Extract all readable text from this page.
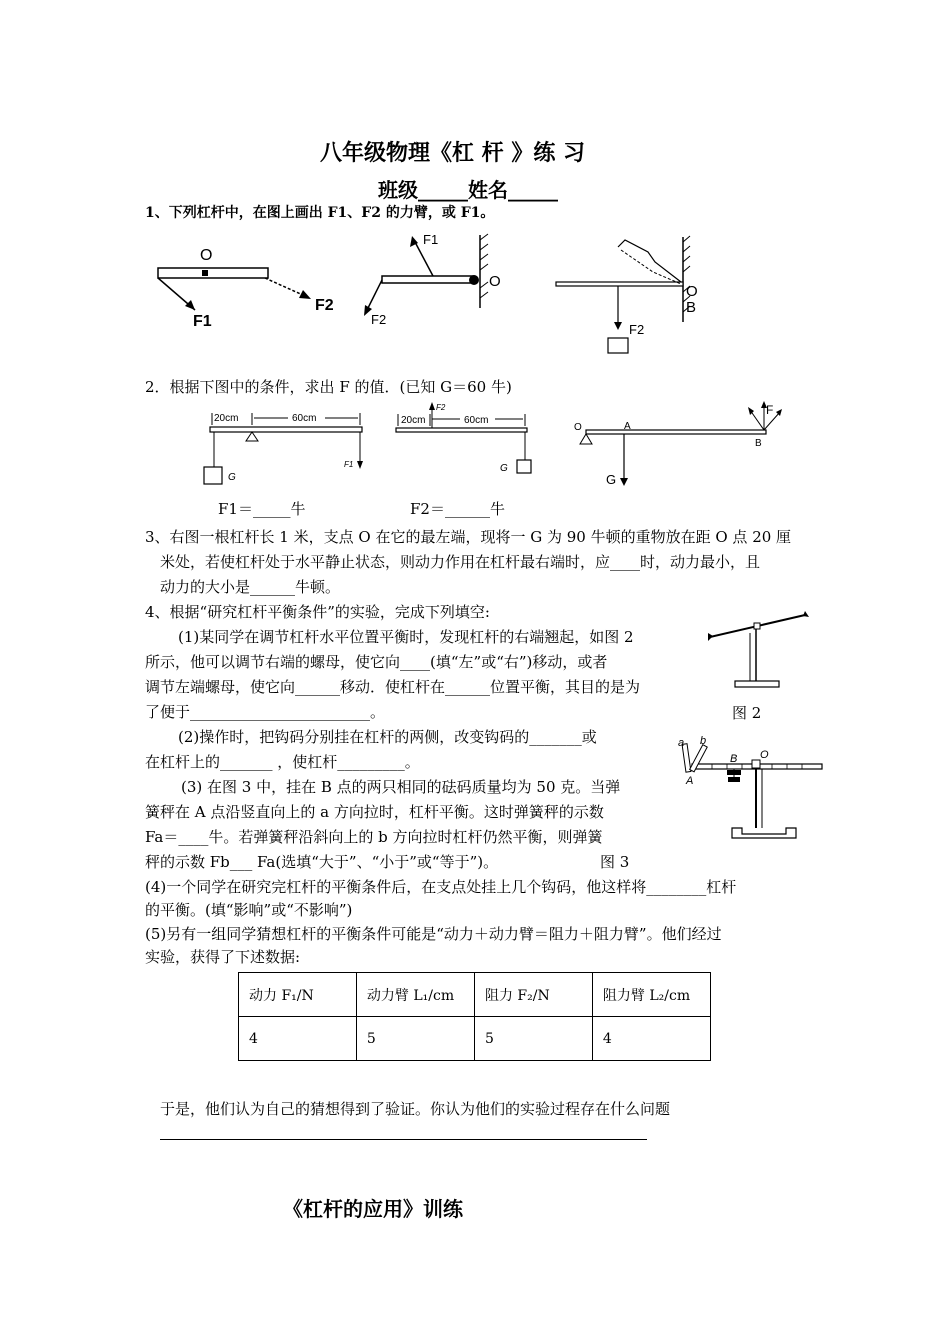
八年级物理《杠 杆 》练 习
班级_____姓名_____
1、下列杠杆中，在图上画出 F1、F2 的力臂，或 F1。
O
F1
F2
F1
F2
O
O
B
F2
2．根据下图中的条件，求出 F 的值．(已知 G＝60 牛)
20cm	60cm
G
F1
20cm	60cm
F2
G
O	A
G
B
F
F1＝_____牛	F2＝______牛
3、右图一根杠杆长 1 米，支点 O 在它的最左端，现将一 G 为 90 牛顿的重物放在距 O 点 20 厘
米处，若使杠杆处于水平静止状态，则动力作用在杠杆最右端时，应____时，动力最小，且
动力的大小是______牛顿。
4、根据“研究杠杆平衡条件”的实验，完成下列填空:
(1)某同学在调节杠杆水平位置平衡时，发现杠杆的右端翘起，如图 2
所示，他可以调节右端的螺母，使它向____(填“左”或“右”)移动，或者
调节左端螺母，使它向______移动．使杠杆在______位置平衡，其目的是为
了便于________________________。	图 2
(2)操作时，把钩码分别挂在杠杆的两侧，改变钩码的_______或
在杠杆上的_______ ，使杠杆_________。
(3) 在图 3 中，挂在 B 点的两只相同的砝码质量均为 50 克。当弹
簧秤在 A 点沿竖直向上的 a 方向拉时，杠杆平衡。这时弹簧秤的示数
Fa＝____牛。若弹簧秤沿斜向上的 b 方向拉时杠杆仍然平衡，则弹簧
秤的示数 Fb___ Fa(选填“大于”、“小于”或“等于”)。	图 3
a b
A
B O
(4)一个同学在研究完杠杆的平衡条件后，在支点处挂上几个钩码，他这样将________杠杆
的平衡。(填“影响”或“不影响”)
(5)另有一组同学猜想杠杆的平衡条件可能是“动力＋动力臂＝阻力＋阻力臂”。他们经过
实验，获得了下述数据:
动力 F₁/N	动力臂 L₁/cm	阻力 F₂/N	阻力臂 L₂/cm
4	5	5	4
于是，他们认为自己的猜想得到了验证。你认为他们的实验过程存在什么问题
《杠杆的应用》训练
